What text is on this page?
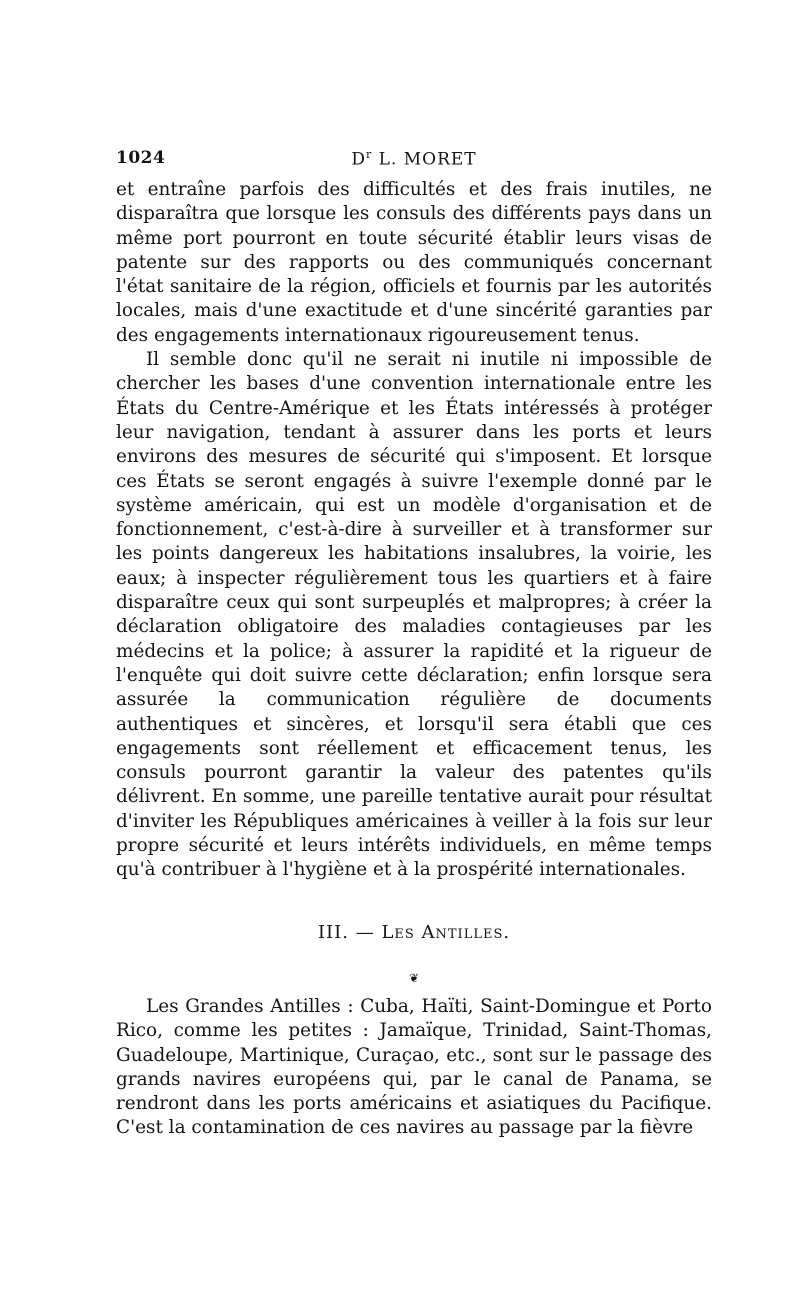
1024	$D^r$ L. MORET

et entraîne parfois des difficultés et des frais inutiles, ne disparaîtra que lorsque les consuls des différents pays dans un même port pourront en toute sécurité établir leurs visas de patente sur des rapports ou des communiqués concernant l'état sanitaire de la région, officiels et fournis par les autorités locales, mais d'une exactitude et d'une sincérité garanties par des engagements internationaux rigoureusement tenus.

Il semble donc qu'il ne serait ni inutile ni impossible de chercher les bases d'une convention internationale entre les États du Centre-Amérique et les États intéressés à protéger leur navigation, tendant à assurer dans les ports et leurs environs des mesures de sécurité qui s'imposent. Et lorsque ces États se seront engagés à suivre l'exemple donné par le système américain, qui est un modèle d'organisation et de fonctionnement, c'est-à-dire à surveiller et à transformer sur les points dangereux les habitations insalubres, la voirie, les eaux; à inspecter régulièrement tous les quartiers et à faire disparaître ceux qui sont surpeuplés et malpropres; à créer la déclaration obligatoire des maladies contagieuses par les médecins et la police; à assurer la rapidité et la rigueur de l'enquête qui doit suivre cette déclaration; enfin lorsque sera assurée la communication régulière de documents authentiques et sincères, et lorsqu'il sera établi que ces engagements sont réellement et efficacement tenus, les consuls pourront garantir la valeur des patentes qu'ils délivrent. En somme, une pareille tentative aurait pour résultat d'inviter les Républiques américaines à veiller à la fois sur leur propre sécurité et leurs intérêts individuels, en même temps qu'à contribuer à l'hygiène et à la prospérité internationales.

III. — Les Antilles.
❦

Les Grandes Antilles : Cuba, Haïti, Saint-Domingue et Porto Rico, comme les petites : Jamaïque, Trinidad, Saint-Thomas, Guadeloupe, Martinique, Curaçao, etc., sont sur le passage des grands navires européens qui, par le canal de Panama, se rendront dans les ports américains et asiatiques du Pacifique. C'est la contamination de ces navires au passage par la fièvre
